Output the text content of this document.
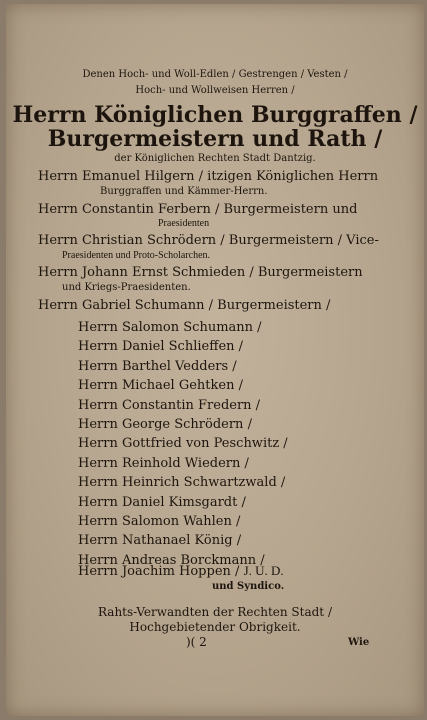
Denen Hoch- und Woll-Edlen / Gestrengen / Vesten /
Hoch- und Wollweisen Herren /
Herrn Königlichen Burggraffen /
Burgermeistern und Rath /
der Königlichen Rechten Stadt Dantzig.
Herrn Emanuel Hilgern / itzigen Königlichen Herrn
Burggraffen und Kämmer-Herrn.
Herrn Constantin Ferbern / Burgermeistern und
Praesidenten
Herrn Christian Schrödern / Burgermeistern / Vice-
Praesidenten und Proto-Scholarchen.
Herrn Johann Ernst Schmieden / Burgermeistern
und Kriegs-Praesidenten.
Herrn Gabriel Schumann / Burgermeistern /
Herrn Salomon Schumann /
Herrn Daniel Schlieffen /
Herrn Barthel Vedders /
Herrn Michael Gehtken /
Herrn Constantin Fredern /
Herrn George Schrödern /
Herrn Gottfried von Peschwitz /
Herrn Reinhold Wiedern /
Herrn Heinrich Schwartzwald /
Herrn Daniel Kimsgardt /
Herrn Salomon Wahlen /
Herrn Nathanael König /
Herrn Andreas Borckmann /
Herrn Joachim Hoppen / J. U. D.
und Syndico.
Rahts-Verwandten der Rechten Stadt /
Hochgebietender Obrigkeit.
)( 2	Wie
